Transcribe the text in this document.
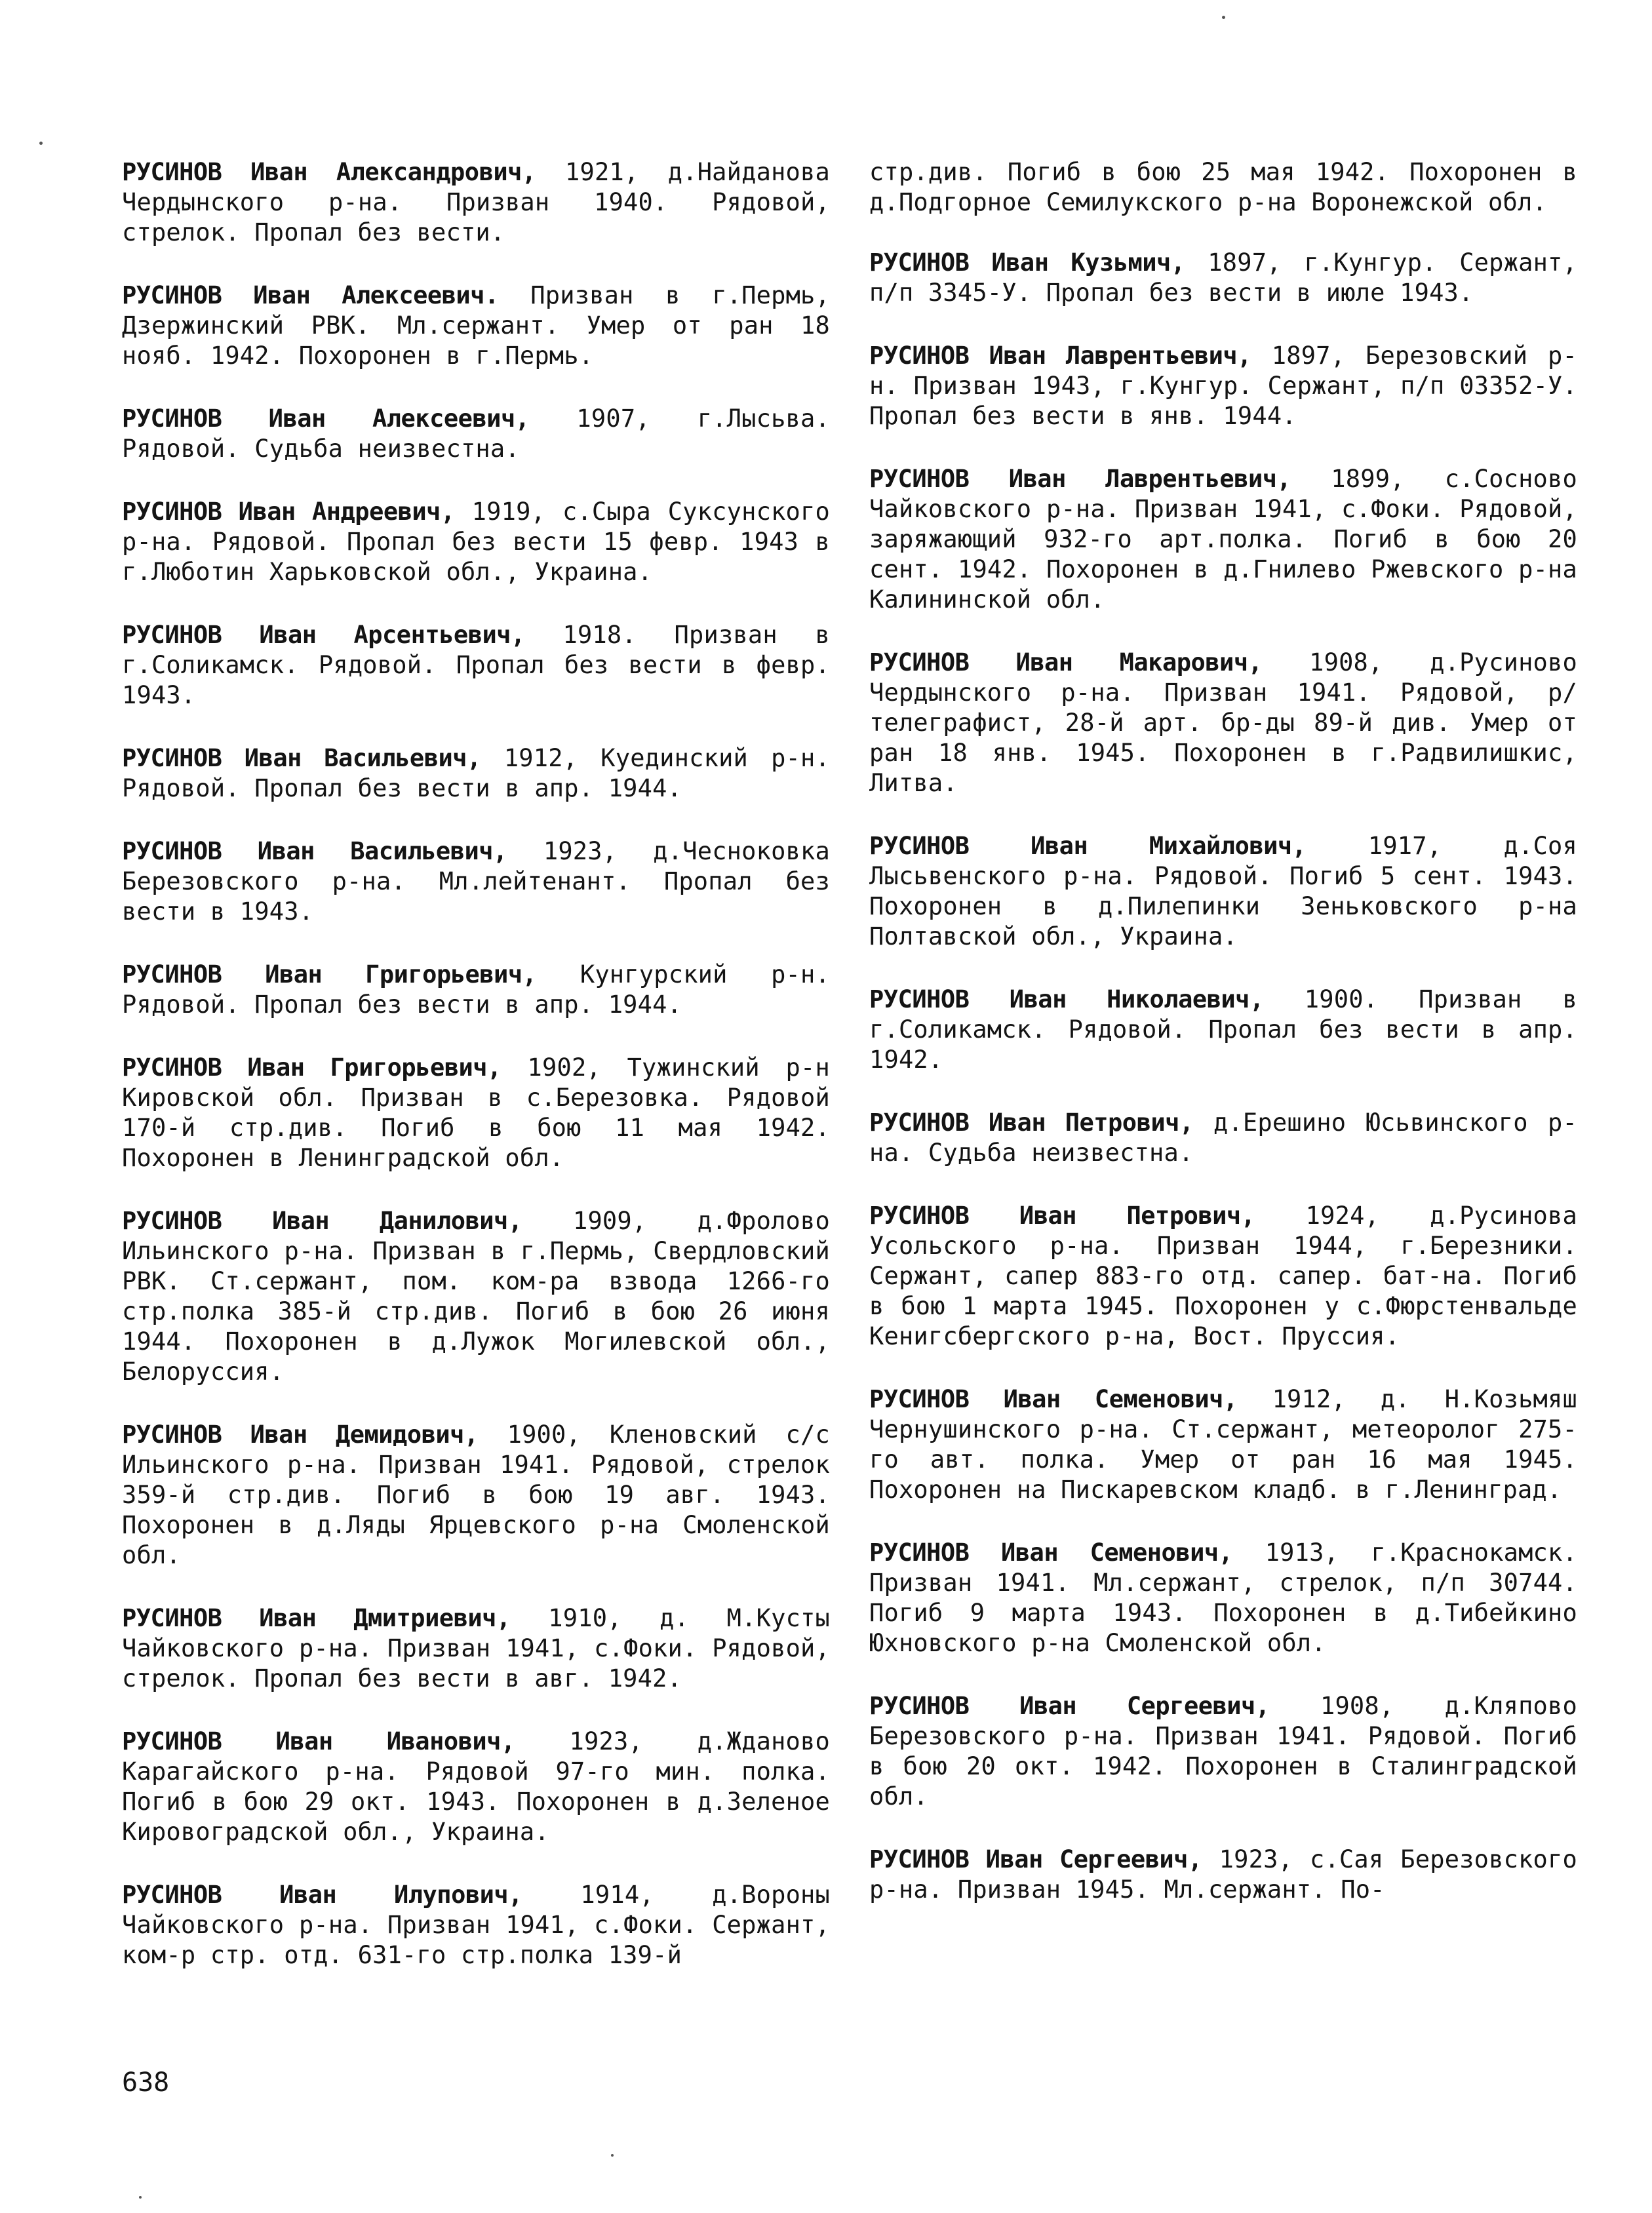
РУСИНОВ Иван Александрович, 1921, д.Найданова Чердынского р-на. Призван 1940. Рядовой, стрелок. Пропал без вести.

РУСИНОВ Иван Алексеевич. Призван в г.Пермь, Дзержинский РВК. Мл.сержант. Умер от ран 18 нояб. 1942. Похоронен в г.Пермь.

РУСИНОВ Иван Алексеевич, 1907, г.Лысьва. Рядовой. Судьба неизвестна.

РУСИНОВ Иван Андреевич, 1919, с.Сыра Суксунского р-на. Рядовой. Пропал без вести 15 февр. 1943 в г.Люботин Харьковской обл., Украина.

РУСИНОВ Иван Арсентьевич, 1918. Призван в г.Соликамск. Рядовой. Пропал без вести в февр. 1943.

РУСИНОВ Иван Васильевич, 1912, Куединский р-н. Рядовой. Пропал без вести в апр. 1944.

РУСИНОВ Иван Васильевич, 1923, д.Чесноковка Березовского р-на. Мл.лейтенант. Пропал без вести в 1943.

РУСИНОВ Иван Григорьевич, Кунгурский р-н. Рядовой. Пропал без вести в апр. 1944.

РУСИНОВ Иван Григорьевич, 1902, Тужинский р-н Кировской обл. Призван в с.Березовка. Рядовой 170-й стр.див. Погиб в бою 11 мая 1942. Похоронен в Ленинградской обл.

РУСИНОВ Иван Данилович, 1909, д.Фролово Ильинского р-на. Призван в г.Пермь, Свердловский РВК. Ст.сержант, пом. ком-ра взвода 1266-го стр.полка 385-й стр.див. Погиб в бою 26 июня 1944. Похоронен в д.Лужок Могилевской обл., Белоруссия.

РУСИНОВ Иван Демидович, 1900, Кленовский с/с Ильинского р-на. Призван 1941. Рядовой, стрелок 359-й стр.див. Погиб в бою 19 авг. 1943. Похоронен в д.Ляды Ярцевского р-на Смоленской обл.

РУСИНОВ Иван Дмитриевич, 1910, д. М.Кусты Чайковского р-на. Призван 1941, с.Фоки. Рядовой, стрелок. Пропал без вести в авг. 1942.

РУСИНОВ Иван Иванович, 1923, д.Жданово Карагайского р-на. Рядовой 97-го мин. полка. Погиб в бою 29 окт. 1943. Похоронен в д.Зеленое Кировоградской обл., Украина.

РУСИНОВ Иван Илупович, 1914, д.Вороны Чайковского р-на. Призван 1941, с.Фоки. Сержант, ком-р стр. отд. 631-го стр.полка 139-й

стр.див. Погиб в бою 25 мая 1942. Похоронен в д.Подгорное Семилукского р-на Воронежской обл.

РУСИНОВ Иван Кузьмич, 1897, г.Кунгур. Сержант, п/п 3345-У. Пропал без вести в июле 1943.

РУСИНОВ Иван Лаврентьевич, 1897, Березовский р-н. Призван 1943, г.Кунгур. Сержант, п/п 03352-У. Пропал без вести в янв. 1944.

РУСИНОВ Иван Лаврентьевич, 1899, с.Сосново Чайковского р-на. Призван 1941, с.Фоки. Рядовой, заряжающий 932-го арт.полка. Погиб в бою 20 сент. 1942. Похоронен в д.Гнилево Ржевского р-на Калининской обл.

РУСИНОВ Иван Макарович, 1908, д.Русиново Чердынского р-на. Призван 1941. Рядовой, р/телеграфист, 28-й арт. бр-ды 89-й див. Умер от ран 18 янв. 1945. Похоронен в г.Радвилишкис, Литва.

РУСИНОВ Иван Михайлович, 1917, д.Соя Лысьвенского р-на. Рядовой. Погиб 5 сент. 1943. Похоронен в д.Пилепинки Зеньковского р-на Полтавской обл., Украина.

РУСИНОВ Иван Николаевич, 1900. Призван в г.Соликамск. Рядовой. Пропал без вести в апр. 1942.

РУСИНОВ Иван Петрович, д.Ерешино Юсьвинского р-на. Судьба неизвестна.

РУСИНОВ Иван Петрович, 1924, д.Русинова Усольского р-на. Призван 1944, г.Березники. Сержант, сапер 883-го отд. сапер. бат-на. Погиб в бою 1 марта 1945. Похоронен у с.Фюрстенвальде Кенигсбергского р-на, Вост. Пруссия.

РУСИНОВ Иван Семенович, 1912, д. Н.Козьмяш Чернушинского р-на. Ст.сержант, метеоролог 275-го авт. полка. Умер от ран 16 мая 1945. Похоронен на Пискаревском кладб. в г.Ленинград.

РУСИНОВ Иван Семенович, 1913, г.Краснокамск. Призван 1941. Мл.сержант, стрелок, п/п 30744. Погиб 9 марта 1943. Похоронен в д.Тибейкино Юхновского р-на Смоленской обл.

РУСИНОВ Иван Сергеевич, 1908, д.Кляпово Березовского р-на. Призван 1941. Рядовой. Погиб в бою 20 окт. 1942. Похоронен в Сталинградской обл.

РУСИНОВ Иван Сергеевич, 1923, с.Сая Березовского р-на. Призван 1945. Мл.сержант. По-

638
